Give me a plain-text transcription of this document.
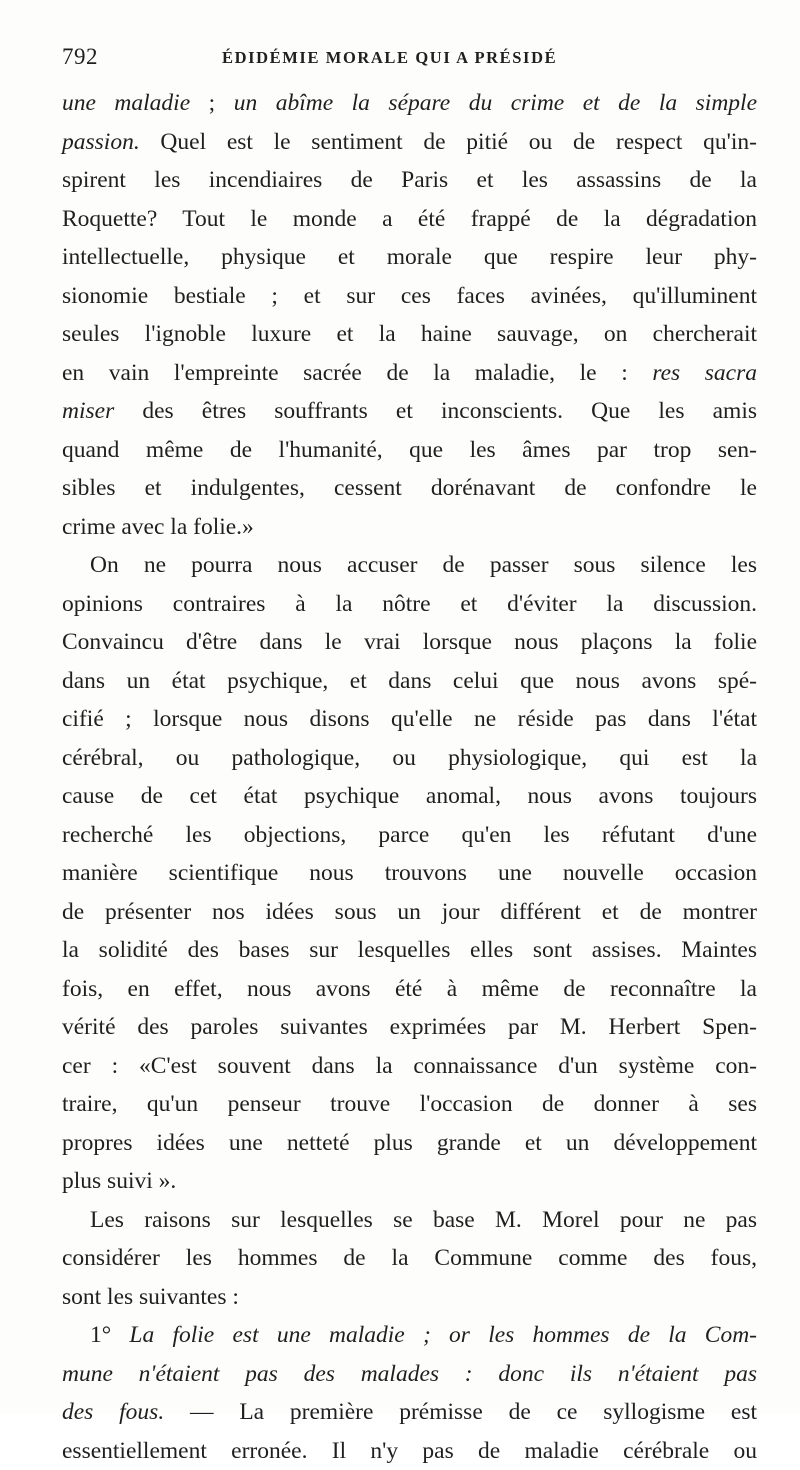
792	ÉDIDÉMIE MORALE QUI A PRÉSIDÉ
une maladie ; un abîme la sépare du crime et de la simple
passion. Quel est le sentiment de pitié ou de respect qu'in-
spirent les incendiaires de Paris et les assassins de la
Roquette? Tout le monde a été frappé de la dégradation
intellectuelle, physique et morale que respire leur phy-
sionomie bestiale ; et sur ces faces avinées, qu'illuminent
seules l'ignoble luxure et la haine sauvage, on chercherait
en vain l'empreinte sacrée de la maladie, le : res sacra
miser des êtres souffrants et inconscients. Que les amis
quand même de l'humanité, que les âmes par trop sen-
sibles et indulgentes, cessent dorénavant de confondre le
crime avec la folie.»
On ne pourra nous accuser de passer sous silence les
opinions contraires à la nôtre et d'éviter la discussion.
Convaincu d'être dans le vrai lorsque nous plaçons la folie
dans un état psychique, et dans celui que nous avons spé-
cifié ; lorsque nous disons qu'elle ne réside pas dans l'état
cérébral, ou pathologique, ou physiologique, qui est la
cause de cet état psychique anomal, nous avons toujours
recherché les objections, parce qu'en les réfutant d'une
manière scientifique nous trouvons une nouvelle occasion
de présenter nos idées sous un jour différent et de montrer
la solidité des bases sur lesquelles elles sont assises. Maintes
fois, en effet, nous avons été à même de reconnaître la
vérité des paroles suivantes exprimées par M. Herbert Spen-
cer : «C'est souvent dans la connaissance d'un système con-
traire, qu'un penseur trouve l'occasion de donner à ses
propres idées une netteté plus grande et un développement
plus suivi ».
Les raisons sur lesquelles se base M. Morel pour ne pas
considérer les hommes de la Commune comme des fous,
sont les suivantes :
1° La folie est une maladie ; or les hommes de la Com-
mune n'étaient pas des malades : donc ils n'étaient pas
des fous. — La première prémisse de ce syllogisme est
essentiellement erronée. Il n'y pas de maladie cérébrale ou
